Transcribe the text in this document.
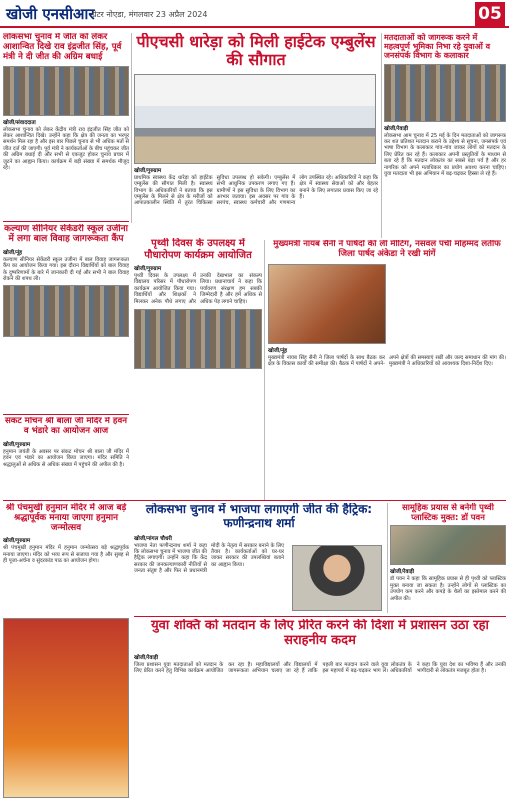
खोजी एनसीआर
ग्रेटर नोएडा, मंगलवार 23 अप्रैल 2024	05
लोकसभा चुनाव में जीत को लेकर आशान्वित दिखे राव इंद्रजीत सिंह, पूर्व मंत्री ने दी जीत की अग्रिम बधाई
खोजी/संवाददाता
लोकसभा चुनाव को लेकर केंद्रीय मंत्री राव इंद्रजीत सिंह जीत को लेकर आशान्वित दिखे। उन्होंने कहा कि क्षेत्र की जनता का भरपूर समर्थन मिल रहा है और इस बार पिछले चुनाव से भी अधिक मतों से जीत दर्ज की जाएगी। पूर्व मंत्री ने कार्यकर्ताओं के बीच पहुंचकर जीत की अग्रिम बधाई दी और सभी से एकजुट होकर चुनाव प्रचार में जुटने का आह्वान किया। कार्यक्रम में बड़ी संख्या में समर्थक मौजूद रहे।
पीएचसी धारेड़ा को मिली हाईटेक एम्बुलेंस की सौगात
खोजी/गुरुग्राम
प्राथमिक स्वास्थ्य केंद्र धारेड़ा को हाईटेक एम्बुलेंस की सौगात मिली है। स्वास्थ्य विभाग के अधिकारियों ने बताया कि इस एम्बुलेंस के मिलने से क्षेत्र के मरीजों को आपातकालीन स्थिति में तुरंत चिकित्सा सुविधा उपलब्ध हो सकेगी। एम्बुलेंस में सभी आधुनिक उपकरण लगाए गए हैं। ग्रामीणों ने इस सुविधा के लिए विभाग का आभार जताया। इस अवसर पर गांव के सरपंच, स्वास्थ्य कर्मचारी और गणमान्य लोग उपस्थित रहे। अधिकारियों ने कहा कि क्षेत्र में स्वास्थ्य सेवाओं को और बेहतर बनाने के लिए लगातार प्रयास किए जा रहे हैं।
मतदाताओं को जागरूक करने में महत्वपूर्ण भूमिका निभा रहे युवाओं व जनसंपर्क विभाग के कलाकार
खोजी/रेवाड़ी
लोकसभा आम चुनाव में 25 मई के दिन मतदाताओं को जागरूक कर शत प्रतिशत मतदान कराने के उद्देश्य से सूचना, जनसंपर्क एवं भाषा विभाग के कलाकार गांव-गांव जाकर लोगों को मतदान के लिए प्रेरित कर रहे हैं। कलाकार अपनी प्रस्तुतियों के माध्यम से बता रहे हैं कि मतदान लोकतंत्र का सबसे बड़ा पर्व है और हर नागरिक को अपने मताधिकार का प्रयोग अवश्य करना चाहिए। युवा मतदाता भी इस अभियान में बढ़-चढ़कर हिस्सा ले रहे हैं।
कल्याण सीनियर सेकेंडरी स्कूल उजीना में लगा बाल विवाह जागरूकता कैंप
खोजी/नूंह
कल्याण सीनियर सेकेंडरी स्कूल उजीना में बाल विवाह जागरूकता कैंप का आयोजन किया गया। इस दौरान विद्यार्थियों को बाल विवाह के दुष्परिणामों के बारे में जानकारी दी गई और सभी ने बाल विवाह रोकने की शपथ ली।
पृथ्वी दिवस के उपलक्ष्य में पौधारोपण कार्यक्रम आयोजित
खोजी/गुरुग्राम
पृथ्वी दिवस के उपलक्ष्य में विद्यालय परिसर में पौधारोपण कार्यक्रम आयोजित किया गया। विद्यार्थियों और शिक्षकों ने मिलकर अनेक पौधे लगाए और उनकी देखभाल का संकल्प लिया। प्रधानाचार्य ने कहा कि पर्यावरण संरक्षण हम सबकी जिम्मेदारी है और हमें अधिक से अधिक पेड़ लगाने चाहिए।
मुख्यमंत्री नायब सैनी ने पार्षदों की ली मीटिंग, नसवल पर्ची मोहम्मद लतीफ जिला पार्षद अंकेडा ने रखी मांगें
खोजी/नूंह
मुख्यमंत्री नायब सिंह सैनी ने जिला पार्षदों के साथ बैठक कर क्षेत्र के विकास कार्यों की समीक्षा की। बैठक में पार्षदों ने अपने-अपने क्षेत्रों की समस्याएं रखीं और जल्द समाधान की मांग की। मुख्यमंत्री ने अधिकारियों को आवश्यक दिशा-निर्देश दिए।
संकट मोचन श्री बाला जी मंदिर में हवन व भंडारे का आयोजन आज
खोजी/गुरुग्राम
हनुमान जयंती के अवसर पर संकट मोचन श्री बाला जी मंदिर में हवन एवं भंडारे का आयोजन किया जाएगा। मंदिर समिति ने श्रद्धालुओं से अधिक से अधिक संख्या में पहुंचने की अपील की है।
श्री पंचमुखी हनुमान मंदिर में आज बड़े श्रद्धापूर्वक मनाया जाएगा हनुमान जन्मोत्सव
खोजी/गुरुग्राम
श्री पंचमुखी हनुमान मंदिर में हनुमान जन्मोत्सव बड़े श्रद्धापूर्वक मनाया जाएगा। मंदिर को भव्य रूप से सजाया गया है और सुबह से ही पूजा-अर्चना व सुंदरकांड पाठ का आयोजन होगा।
लोकसभा चुनाव में भाजपा लगाएगी जीत की हैट्रिक: फणीन्द्रनाथ शर्मा
खोजी/नांगल चौधरी
भाजपा नेता फणीन्द्रनाथ शर्मा ने कहा कि लोकसभा चुनाव में भाजपा जीत की हैट्रिक लगाएगी। उन्होंने कहा कि केंद्र सरकार की जनकल्याणकारी नीतियों से जनता संतुष्ट है और फिर से प्रधानमंत्री मोदी के नेतृत्व में सरकार बनाने के लिए तैयार है। कार्यकर्ताओं को घर-घर जाकर सरकार की उपलब्धियां बताने का आह्वान किया।
सामूहिक प्रयास से बनेगी पृथ्वी प्लास्टिक मुक्त: डॉ पवन
खोजी/रेवाड़ी
डॉ पवन ने कहा कि सामूहिक प्रयास से ही पृथ्वी को प्लास्टिक मुक्त बनाया जा सकता है। उन्होंने लोगों से प्लास्टिक का उपयोग कम करने और कपड़े के थैलों का इस्तेमाल करने की अपील की।
युवा शक्ति को मतदान के लिए प्रेरित करने की दिशा में प्रशासन उठा रहा सराहनीय कदम
खोजी/रेवाड़ी
जिला प्रशासन युवा मतदाताओं को मतदान के लिए प्रेरित करने हेतु विभिन्न कार्यक्रम आयोजित कर रहा है। महाविद्यालयों और विद्यालयों में जागरूकता अभियान चलाए जा रहे हैं ताकि पहली बार मतदान करने वाले युवा लोकतंत्र के इस महापर्व में बढ़-चढ़कर भाग लें। अधिकारियों ने कहा कि युवा देश का भविष्य हैं और उनकी भागीदारी से लोकतंत्र मजबूत होता है।
